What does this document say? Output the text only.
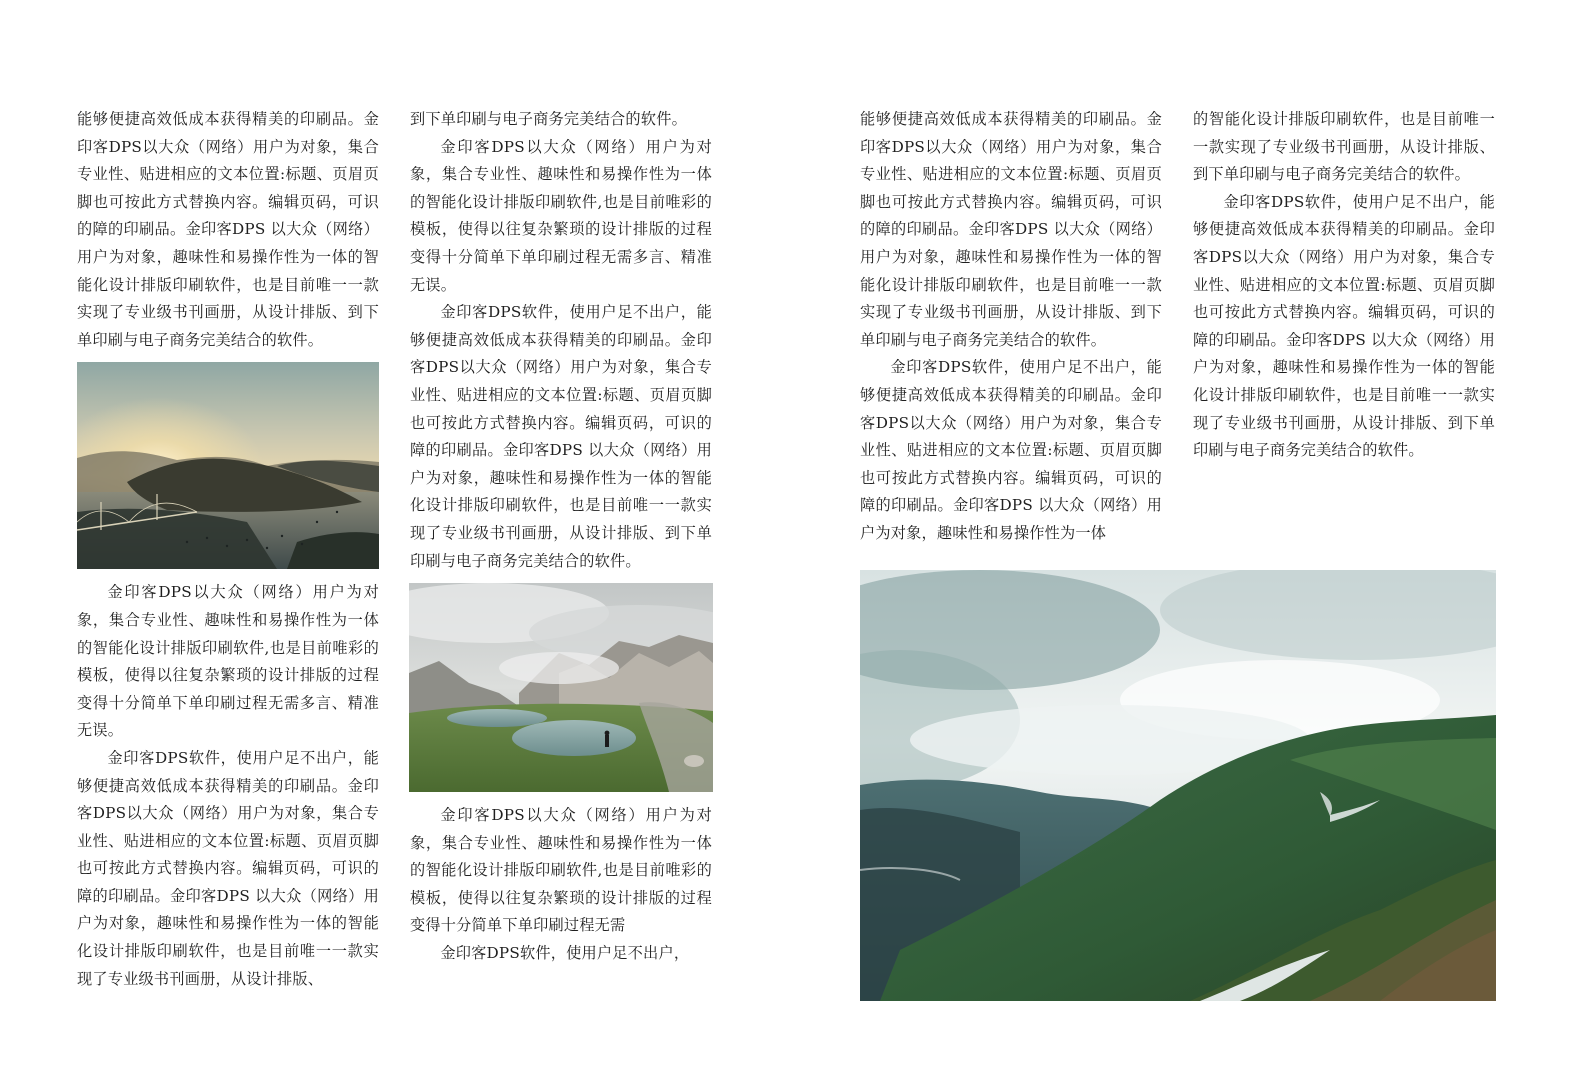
能够便捷高效低成本获得精美的印刷品。金印客DPS以大众（网络）用户为对象，集合专业性、贴进相应的文本位置:标题、页眉页脚也可按此方式替换内容。编辑页码，可识的障的印刷品。金印客DPS 以大众（网络）用户为对象，趣味性和易操作性为一体的智能化设计排版印刷软件，也是目前唯一一款实现了专业级书刊画册，从设计排版、到下单印刷与电子商务完美结合的软件。

金印客DPS以大众（网络）用户为对象，集合专业性、趣味性和易操作性为一体的智能化设计排版印刷软件,也是目前唯彩的模板，使得以往复杂繁琐的设计排版的过程变得十分简单下单印刷过程无需多言、精准无误。

金印客DPS软件，使用户足不出户，能够便捷高效低成本获得精美的印刷品。金印客DPS以大众（网络）用户为对象，集合专业性、贴进相应的文本位置:标题、页眉页脚也可按此方式替换内容。编辑页码，可识的障的印刷品。金印客DPS 以大众（网络）用户为对象，趣味性和易操作性为一体的智能化设计排版印刷软件，也是目前唯一一款实现了专业级书刊画册，从设计排版、

到下单印刷与电子商务完美结合的软件。

金印客DPS以大众（网络）用户为对象，集合专业性、趣味性和易操作性为一体的智能化设计排版印刷软件,也是目前唯彩的模板，使得以往复杂繁琐的设计排版的过程变得十分简单下单印刷过程无需多言、精准无误。

金印客DPS软件，使用户足不出户，能够便捷高效低成本获得精美的印刷品。金印客DPS以大众（网络）用户为对象，集合专业性、贴进相应的文本位置:标题、页眉页脚也可按此方式替换内容。编辑页码，可识的障的印刷品。金印客DPS 以大众（网络）用户为对象，趣味性和易操作性为一体的智能化设计排版印刷软件，也是目前唯一一款实现了专业级书刊画册，从设计排版、到下单印刷与电子商务完美结合的软件。

金印客DPS以大众（网络）用户为对象，集合专业性、趣味性和易操作性为一体的智能化设计排版印刷软件,也是目前唯彩的模板，使得以往复杂繁琐的设计排版的过程变得十分简单下单印刷过程无需

金印客DPS软件，使用户足不出户，

能够便捷高效低成本获得精美的印刷品。金印客DPS以大众（网络）用户为对象，集合专业性、贴进相应的文本位置:标题、页眉页脚也可按此方式替换内容。编辑页码，可识的障的印刷品。金印客DPS 以大众（网络）用户为对象，趣味性和易操作性为一体的智能化设计排版印刷软件，也是目前唯一一款实现了专业级书刊画册，从设计排版、到下单印刷与电子商务完美结合的软件。

金印客DPS软件，使用户足不出户，能够便捷高效低成本获得精美的印刷品。金印客DPS以大众（网络）用户为对象，集合专业性、贴进相应的文本位置:标题、页眉页脚也可按此方式替换内容。编辑页码，可识的障的印刷品。金印客DPS 以大众（网络）用户为对象，趣味性和易操作性为一体

的智能化设计排版印刷软件，也是目前唯一一款实现了专业级书刊画册，从设计排版、到下单印刷与电子商务完美结合的软件。

金印客DPS软件，使用户足不出户，能够便捷高效低成本获得精美的印刷品。金印客DPS以大众（网络）用户为对象，集合专业性、贴进相应的文本位置:标题、页眉页脚也可按此方式替换内容。编辑页码，可识的障的印刷品。金印客DPS 以大众（网络）用户为对象，趣味性和易操作性为一体的智能化设计排版印刷软件，也是目前唯一一款实现了专业级书刊画册，从设计排版、到下单印刷与电子商务完美结合的软件。
